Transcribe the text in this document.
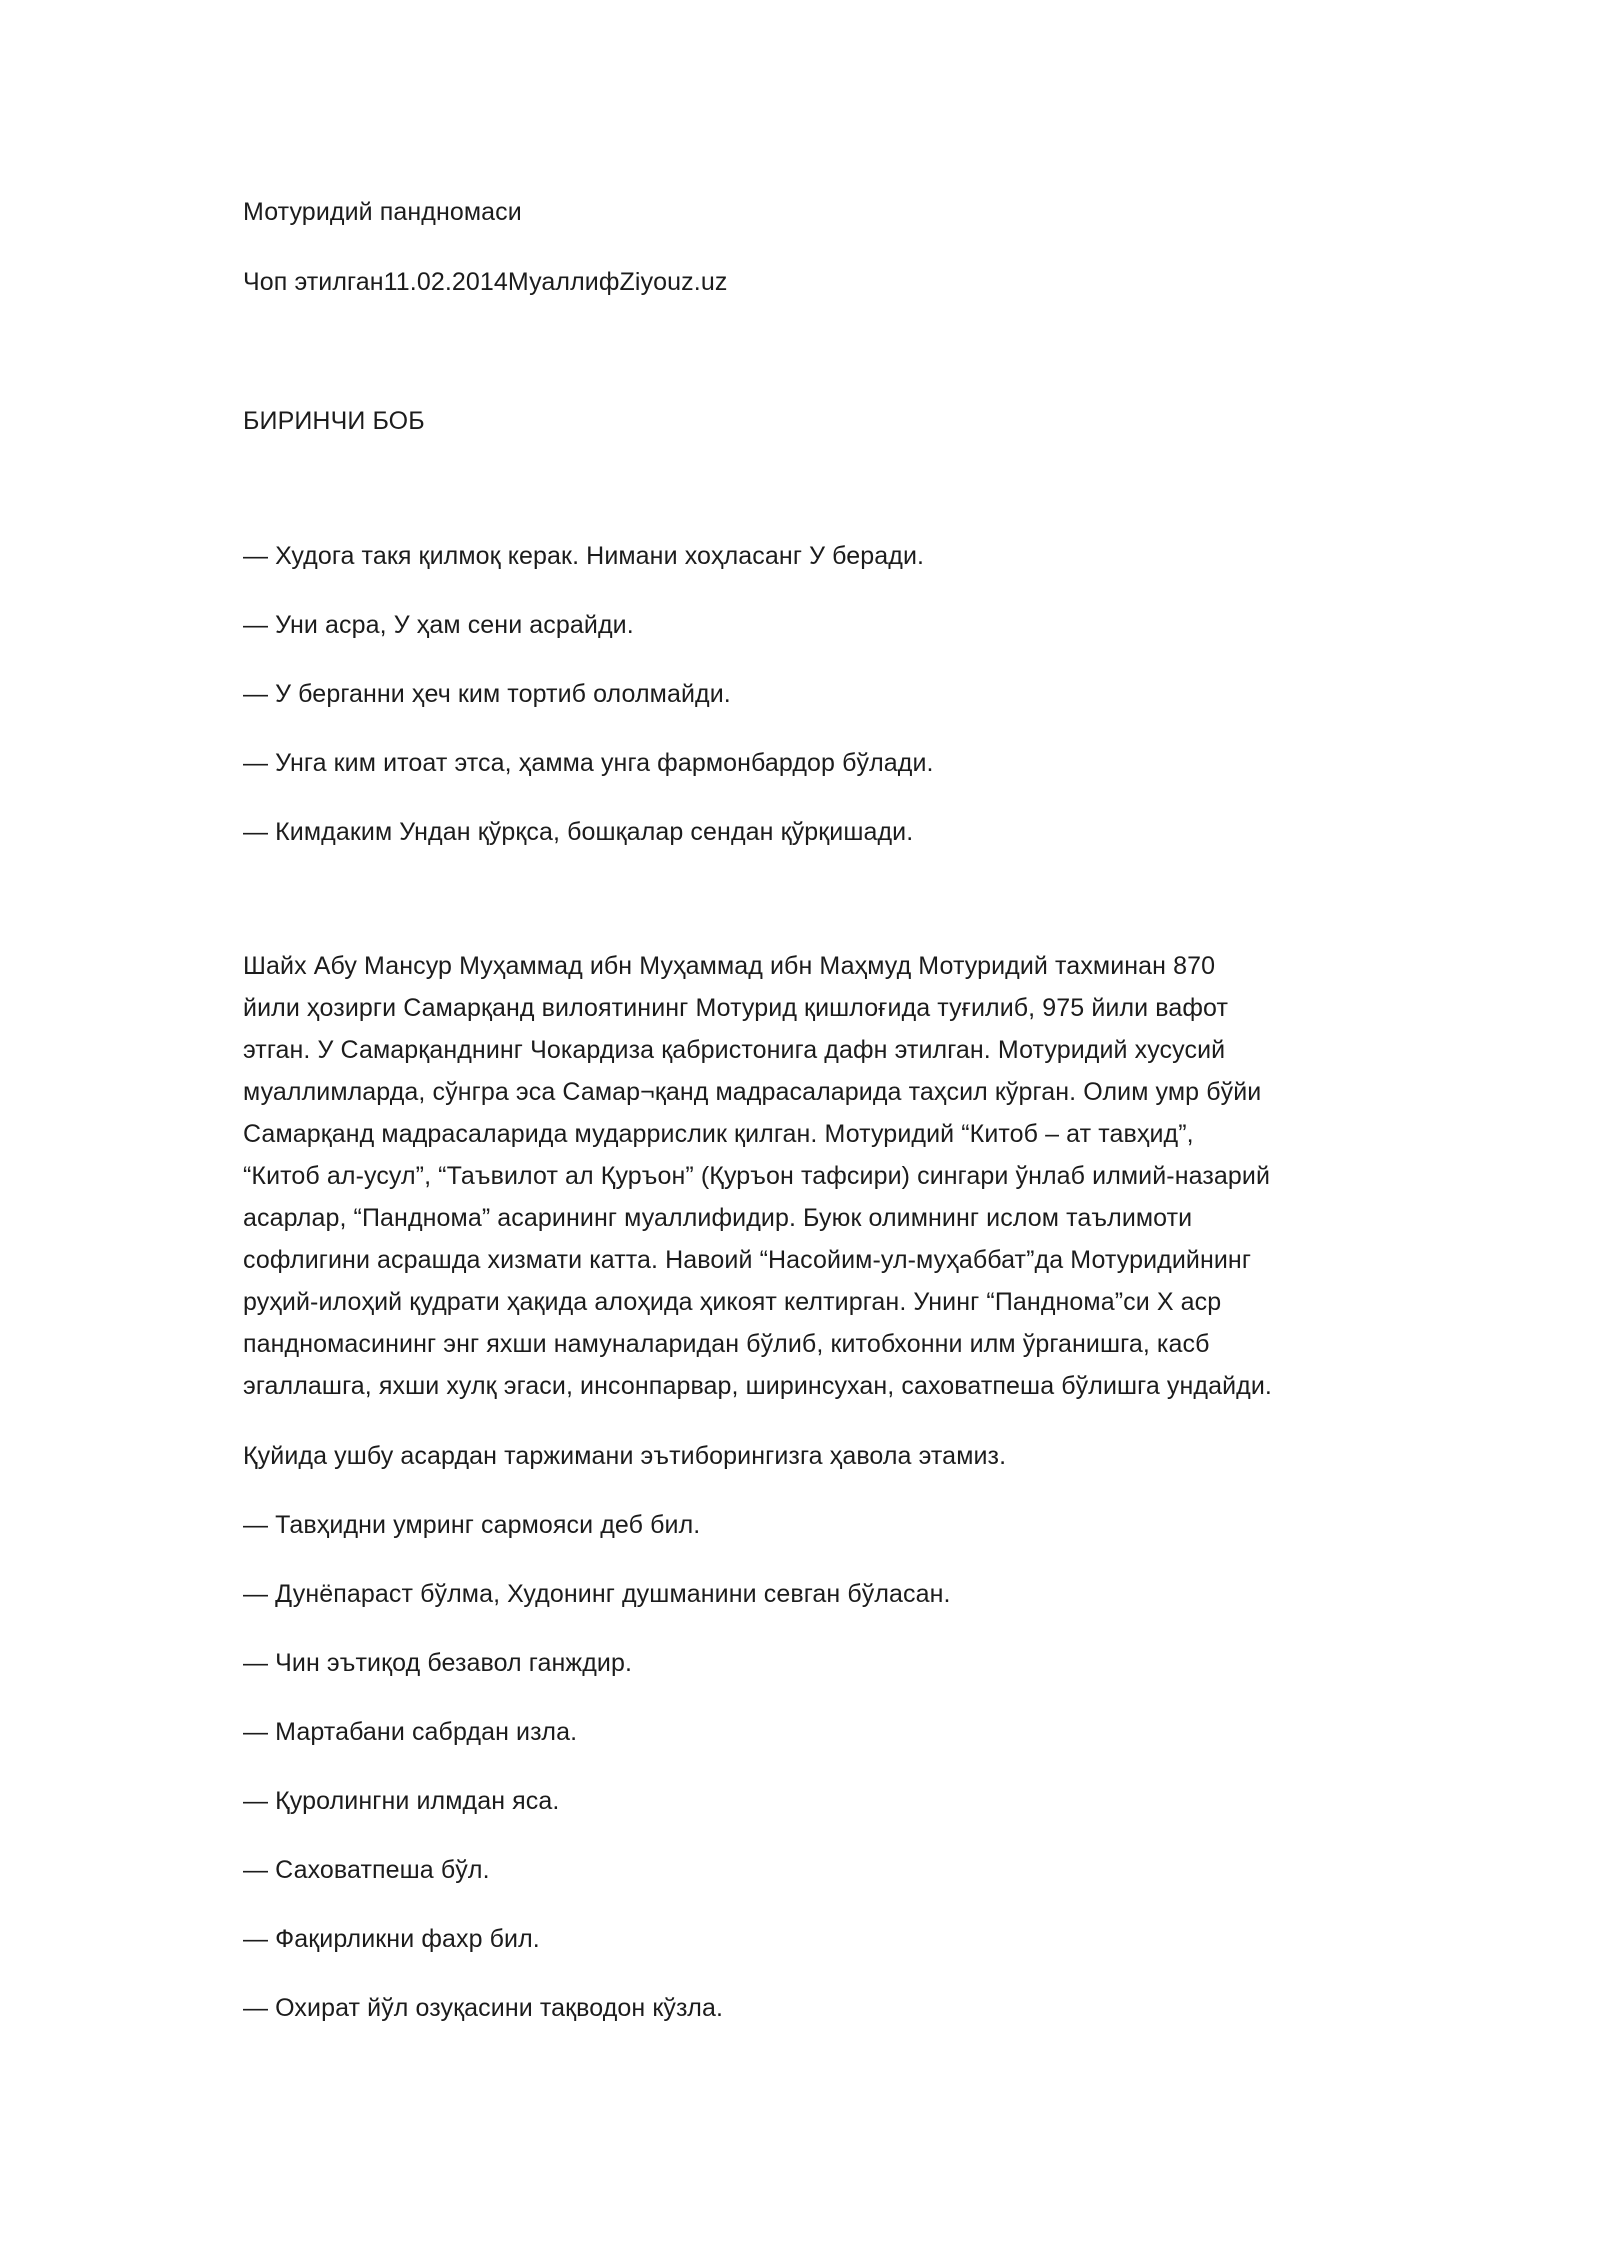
Мотуридий пандномаси

Чоп этилган11.02.2014МуаллифZiyouz.uz

БИРИНЧИ БОБ

— Худога такя қилмоқ керак. Нимани хоҳласанг У беради.

— Уни асра, У ҳам сени асрайди.

— У берганни ҳеч ким тортиб ололмайди.

— Унга ким итоат этса, ҳамма унга фармонбардор бўлади.

— Кимдаким Ундан қўрқса, бошқалар сендан қўрқишади.

Шайх Абу Мансур Муҳаммад ибн Муҳаммад ибн Маҳмуд Мотуридий тахминан 870
йили ҳозирги Самарқанд вилоятининг Мотурид қишлоғида туғилиб, 975 йили вафот
этган. У Самарқанднинг Чокардиза қабристонига дафн этилган. Мотуридий хусусий
муаллимларда, сўнгра эса Самар¬қанд мадрасаларида таҳсил кўрган. Олим умр бўйи
Самарқанд мадрасаларида мударрислик қилган. Мотуридий “Китоб – ат тавҳид”,
“Китоб ал-усул”, “Таъвилот ал Қуръон” (Қуръон тафсири) сингари ўнлаб илмий-назарий
асарлар, “Пандномa” асарининг муаллифидир. Буюк олимнинг ислом таълимоти
софлигини асрашда хизмати катта. Навоий “Насойим-ул-муҳаббат”да Мотуридийнинг
руҳий-илоҳий қудрати ҳақида алоҳида ҳикоят келтирган. Унинг “Панднома”си X аср
пандномасининг энг яхши намуналаридан бўлиб, китобхонни илм ўрганишга, касб
эгаллашга, яхши хулқ эгаси, инсонпарвар, ширинсухан, саховатпеша бўлишга ундайди.

Қуйида ушбу асардан таржимани эътиборингизга ҳавола этамиз.

— Тавҳидни умринг сармояси деб бил.

— Дунёпараст бўлма, Худонинг душманини севган бўласан.

— Чин эътиқод безавол ганждир.

— Мартабани сабрдан изла.

— Қуролингни илмдан яса.

— Саховатпеша бўл.

— Фақирликни фахр бил.

— Охират йўл озуқасини тақводон кўзла.
